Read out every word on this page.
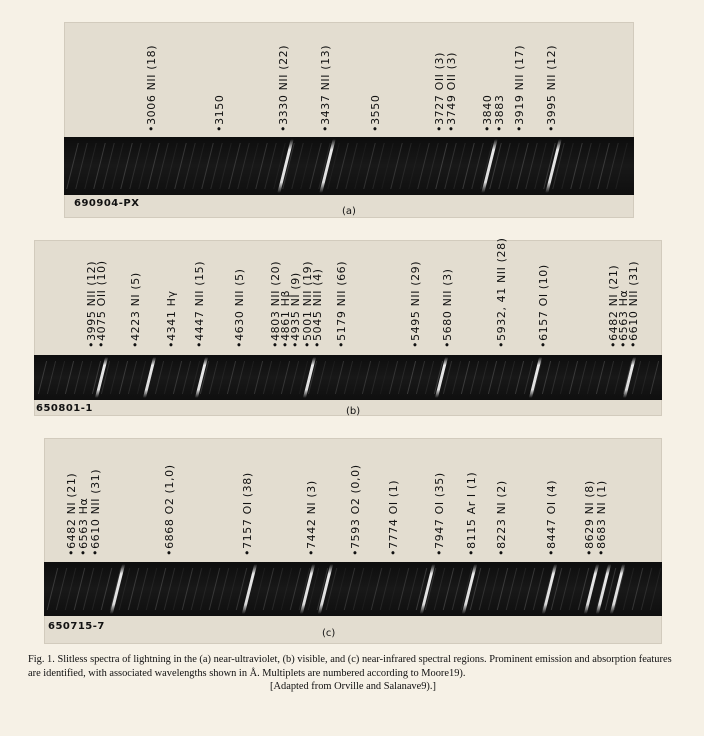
690904-PX
(a)
•3006 NII (18)	•3150	•3330 NII (22)	•3437 NII (13)	•3550	•3727 OII (3) •3749 OII (3) •3840 •3883 •3919 NII (17) •3995 NII (12)
650801-1	(b)
•3995 NII (12)
•4075 OII (10) •4223 NI (5) •4341 Hγ •4447 NII (15) •4630 NII (5) •4803 NII (20)
•4861 Hβ
•4935 NI (9) •5001 NII (19)
•5045 NII (4) •5179 NII (66)	•5495 NII (29) •5680 NII (3)	•5932, 41 NII (28)	•6157 OI (10)	•6482 NI (21)
•6563 Hα
•6610 NII (31)
650715-7
(c)
•6482 NI (21) •6563 Hα •6610 NII (31)	•6868 O2 (1,0)	•7157 OI (38)	•7442 NI (3)	•7593 O2 (0,0) •7774 OI (1)	•7947 OI (35) •8115 Ar I (1) •8223 NI (2)	•8447 OI (4) •8629 NI (8) •8683 NI (1)

Fig. 1. Slitless spectra of lightning in the (a) near-ultraviolet, (b) visible, and (c) near-infrared spectral regions. Prominent emission and absorption features are identified, with associated wavelengths shown in Å. Multiplets are numbered according to Moore19).

[Adapted from Orville and Salanave9).]
